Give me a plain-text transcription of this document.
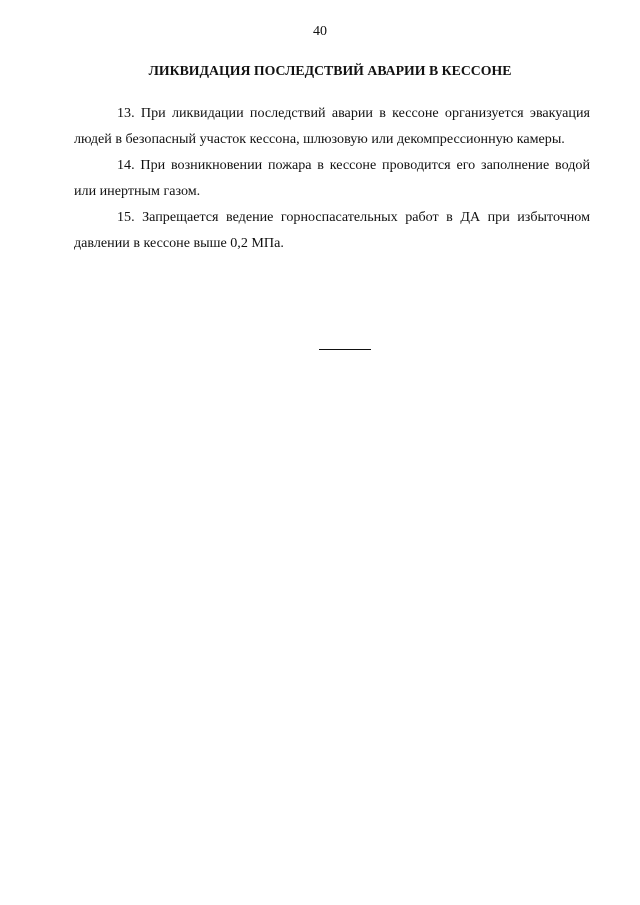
40
ЛИКВИДАЦИЯ ПОСЛЕДСТВИЙ АВАРИИ В КЕССОНЕ

13. При ликвидации последствий аварии в кессоне организуется эвакуация людей в безопасный участок кессона, шлюзовую или декомпрессионную камеры.

14. При возникновении пожара в кессоне проводится его заполнение водой или инертным газом.

15. Запрещается ведение горноспасательных работ в ДА при избыточном давлении в кессоне выше 0,2 МПа.
